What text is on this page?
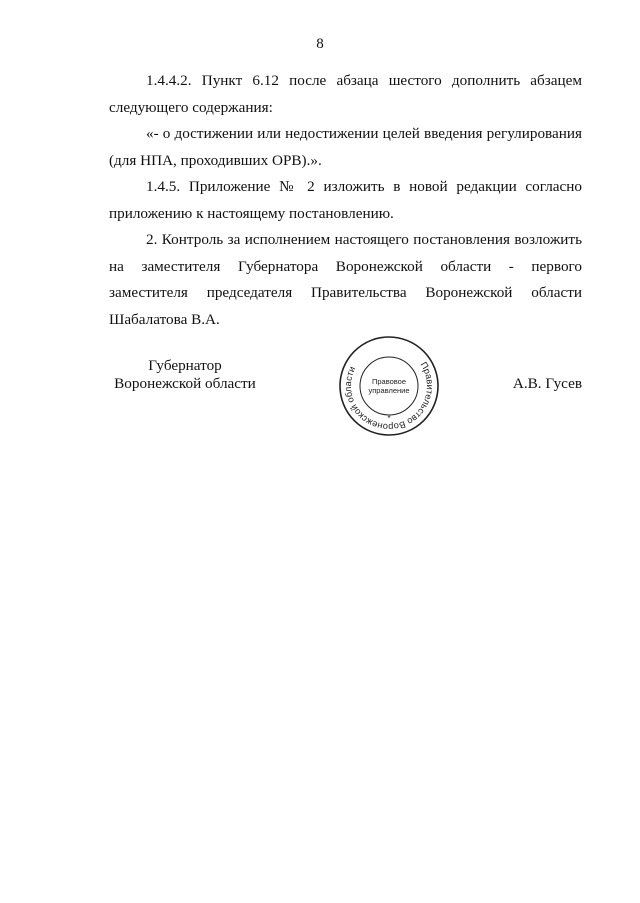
8

1.4.4.2. Пункт 6.12 после абзаца шестого дополнить абзацем следующего содержания:

«- о достижении или недостижении целей введения регулирования (для НПА, проходивших ОРВ).».

1.4.5. Приложение № 2 изложить в новой редакции согласно приложению к настоящему постановлению.

2. Контроль за исполнением настоящего постановления возложить на заместителя Губернатора Воронежской области - первого заместителя председателя Правительства Воронежской области Шабалатова В.А.

Губернатор
Воронежской области
Правительство Воронежской области
Правовое
управление
*
А.В. Гусев
